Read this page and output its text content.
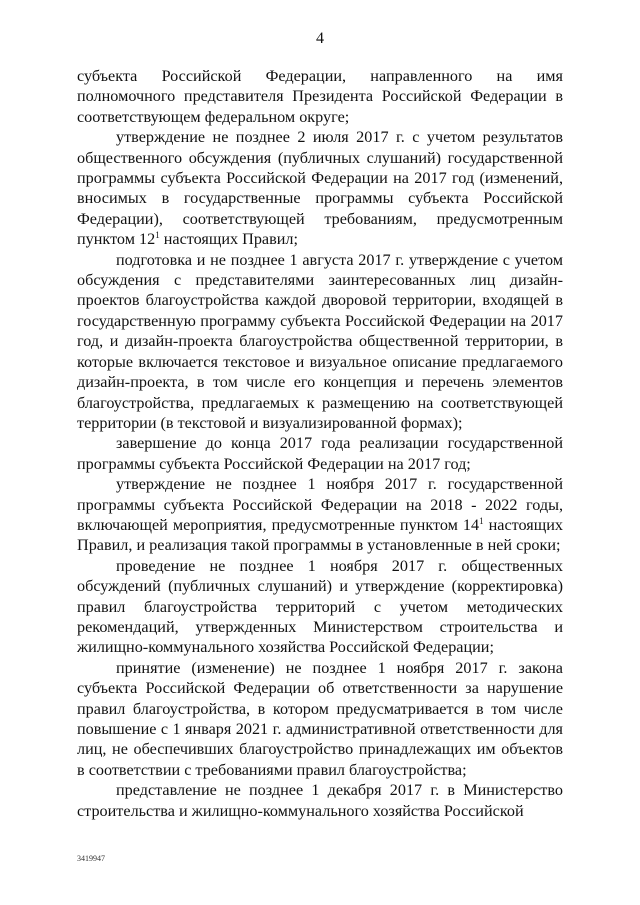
4

субъекта Российской Федерации, направленного на имя полномочного представителя Президента Российской Федерации в соответствующем федеральном округе;

утверждение не позднее 2 июля 2017 г. с учетом результатов общественного обсуждения (публичных слушаний) государственной программы субъекта Российской Федерации на 2017 год (изменений, вносимых в государственные программы субъекта Российской Федерации), соответствующей требованиям, предусмотренным пунктом $12^1$ настоящих Правил;

подготовка и не позднее 1 августа 2017 г. утверждение с учетом обсуждения с представителями заинтересованных лиц дизайн-проектов благоустройства каждой дворовой территории, входящей в государственную программу субъекта Российской Федерации на 2017 год, и дизайн-проекта благоустройства общественной территории, в которые включается текстовое и визуальное описание предлагаемого дизайн-проекта, в том числе его концепция и перечень элементов благоустройства, предлагаемых к размещению на соответствующей территории (в текстовой и визуализированной формах);

завершение до конца 2017 года реализации государственной программы субъекта Российской Федерации на 2017 год;

утверждение не позднее 1 ноября 2017 г. государственной программы субъекта Российской Федерации на 2018 - 2022 годы, включающей мероприятия, предусмотренные пунктом $14^1$ настоящих Правил, и реализация такой программы в установленные в ней сроки;

проведение не позднее 1 ноября 2017 г. общественных обсуждений (публичных слушаний) и утверждение (корректировка) правил благоустройства территорий с учетом методических рекомендаций, утвержденных Министерством строительства и жилищно-коммунального хозяйства Российской Федерации;

принятие (изменение) не позднее 1 ноября 2017 г. закона субъекта Российской Федерации об ответственности за нарушение правил благоустройства, в котором предусматривается в том числе повышение с 1 января 2021 г. административной ответственности для лиц, не обеспечивших благоустройство принадлежащих им объектов в соответствии с требованиями правил благоустройства;

представление не позднее 1 декабря 2017 г. в Министерство строительства и жилищно-коммунального хозяйства Российской

3419947
